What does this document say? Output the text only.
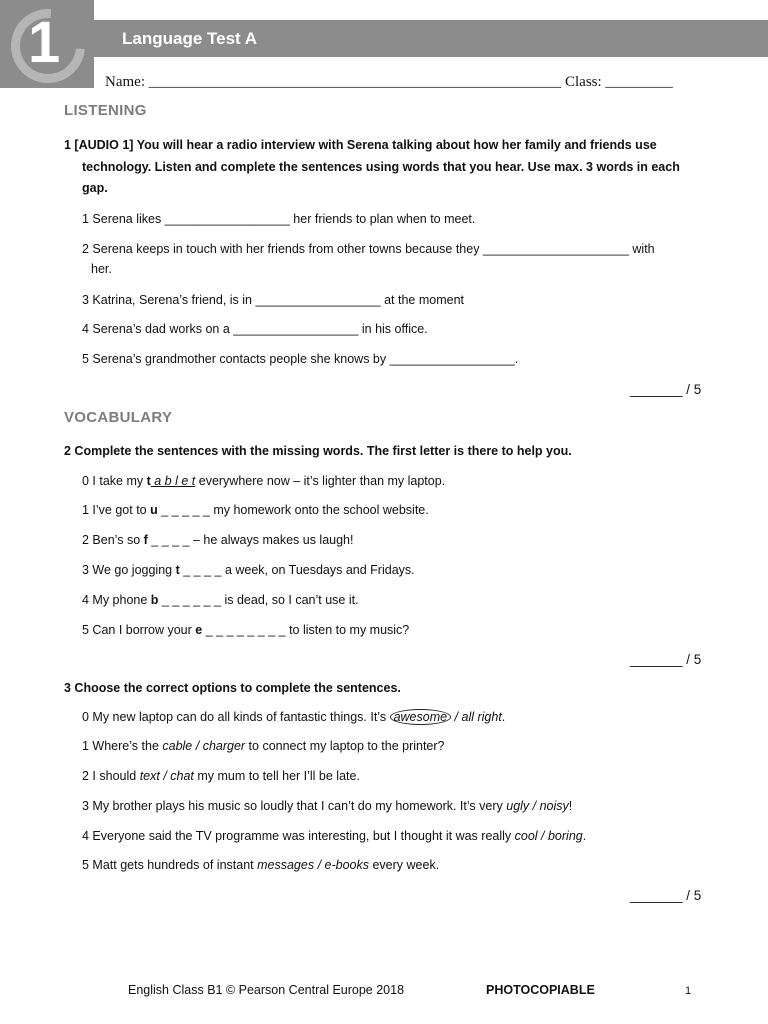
1	Language Test A
Name: _______________________________________________________ Class: _________
LISTENING
1 [AUDIO 1] You will hear a radio interview with Serena talking about how her family and friends use
technology. Listen and complete the sentences using words that you hear. Use max. 3 words in each
gap.
1 Serena likes __________________ her friends to plan when to meet.
2 Serena keeps in touch with her friends from other towns because they _____________________ with
her.
3 Katrina, Serena’s friend, is in __________________ at the moment
4 Serena’s dad works on a __________________ in his office.
5 Serena’s grandmother contacts people she knows by __________________.
_______ / 5
VOCABULARY
2 Complete the sentences with the missing words. The first letter is there to help you.
0 I take my t a b l e t everywhere now – it’s lighter than my laptop.
1 I’ve got to u _ _ _ _ _ my homework onto the school website.
2 Ben’s so f _ _ _ _ – he always makes us laugh!
3 We go jogging t _ _ _ _ a week, on Tuesdays and Fridays.
4 My phone b _ _ _ _ _ _ is dead, so I can’t use it.
5 Can I borrow your e _ _ _ _ _ _ _ _ to listen to my music?
_______ / 5
3 Choose the correct options to complete the sentences.
0 My new laptop can do all kinds of fantastic things. It’s awesome / all right.
1 Where’s the cable / charger to connect my laptop to the printer?
2 I should text / chat my mum to tell her I’ll be late.
3 My brother plays his music so loudly that I can’t do my homework. It’s very ugly / noisy!
4 Everyone said the TV programme was interesting, but I thought it was really cool / boring.
5 Matt gets hundreds of instant messages / e-books every week.
_______ / 5
English Class B1 © Pearson Central Europe 2018	PHOTOCOPIABLE	1
